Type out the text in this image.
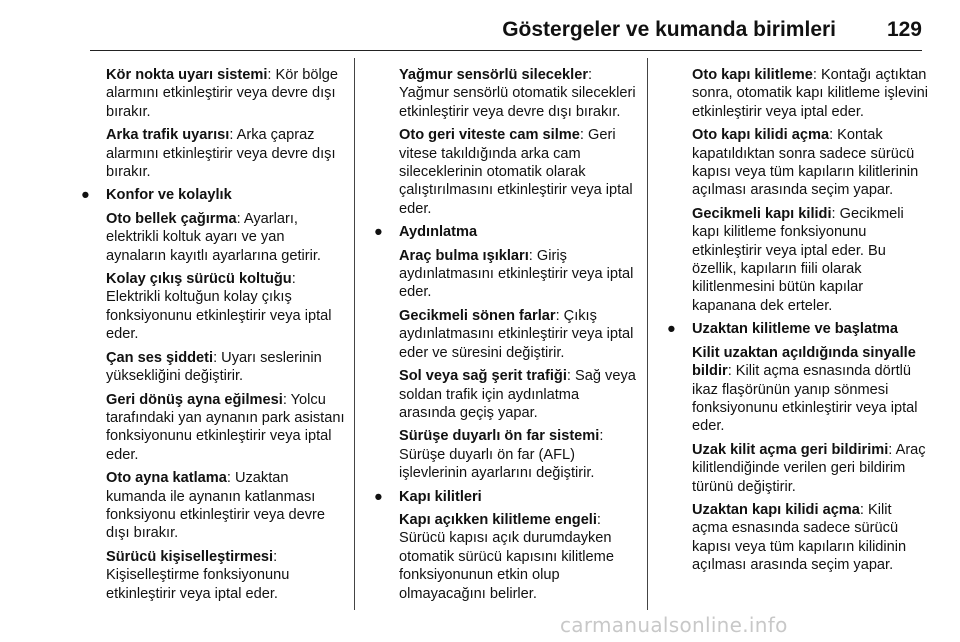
Göstergeler ve kumanda birimleri 129
Kör nokta uyarı sistemi: Kör bölge alarmını etkinleştirir veya devre dışı bırakır.
Arka trafik uyarısı: Arka çapraz alarmını etkinleştirir veya devre dışı bırakır.
● Konfor ve kolaylık
Oto bellek çağırma: Ayarları, elektrikli koltuk ayarı ve yan aynaların kayıtlı ayarlarına getirir.
Kolay çıkış sürücü koltuğu: Elektrikli koltuğun kolay çıkış fonksiyonunu etkinleştirir veya iptal eder.
Çan ses şiddeti: Uyarı seslerinin yüksekliğini değiştirir.
Geri dönüş ayna eğilmesi: Yolcu tarafındaki yan aynanın park asistanı fonksiyonunu etkinleştirir veya iptal eder.
Oto ayna katlama: Uzaktan kumanda ile aynanın katlanması fonksiyonu etkinleştirir veya devre dışı bırakır.
Sürücü kişiselleştirmesi: Kişiselleştirme fonksiyonunu etkinleştirir veya iptal eder.
Yağmur sensörlü silecekler: Yağmur sensörlü otomatik silecekleri etkinleştirir veya devre dışı bırakır.
Oto geri viteste cam silme: Geri vitese takıldığında arka cam sileceklerinin otomatik olarak çalıştırılmasını etkinleştirir veya iptal eder.
● Aydınlatma
Araç bulma ışıkları: Giriş aydınlatmasını etkinleştirir veya iptal eder.
Gecikmeli sönen farlar: Çıkış aydınlatmasını etkinleştirir veya iptal eder ve süresini değiştirir.
Sol veya sağ şerit trafiği: Sağ veya soldan trafik için aydınlatma arasında geçiş yapar.
Sürüşe duyarlı ön far sistemi: Sürüşe duyarlı ön far (AFL) işlevlerinin ayarlarını değiştirir.
● Kapı kilitleri
Kapı açıkken kilitleme engeli: Sürücü kapısı açık durumdayken otomatik sürücü kapısını kilitleme fonksiyonunun etkin olup olmayacağını belirler.
Oto kapı kilitleme: Kontağı açtıktan sonra, otomatik kapı kilitleme işlevini etkinleştirir veya iptal eder.
Oto kapı kilidi açma: Kontak kapatıldıktan sonra sadece sürücü kapısı veya tüm kapıların kilitlerinin açılması arasında seçim yapar.
Gecikmeli kapı kilidi: Gecikmeli kapı kilitleme fonksiyonunu etkinleştirir veya iptal eder. Bu özellik, kapıların fiili olarak kilitlenmesini bütün kapılar kapanana dek erteler.
● Uzaktan kilitleme ve başlatma
Kilit uzaktan açıldığında sinyalle bildir: Kilit açma esnasında dörtlü ikaz flaşörünün yanıp sönmesi fonksiyonunu etkinleştirir veya iptal eder.
Uzak kilit açma geri bildirimi: Araç kilitlendiğinde verilen geri bildirim türünü değiştirir.
Uzaktan kapı kilidi açma: Kilit açma esnasında sadece sürücü kapısı veya tüm kapıların kilidinin açılması arasında seçim yapar.
carmanualsonline.info
